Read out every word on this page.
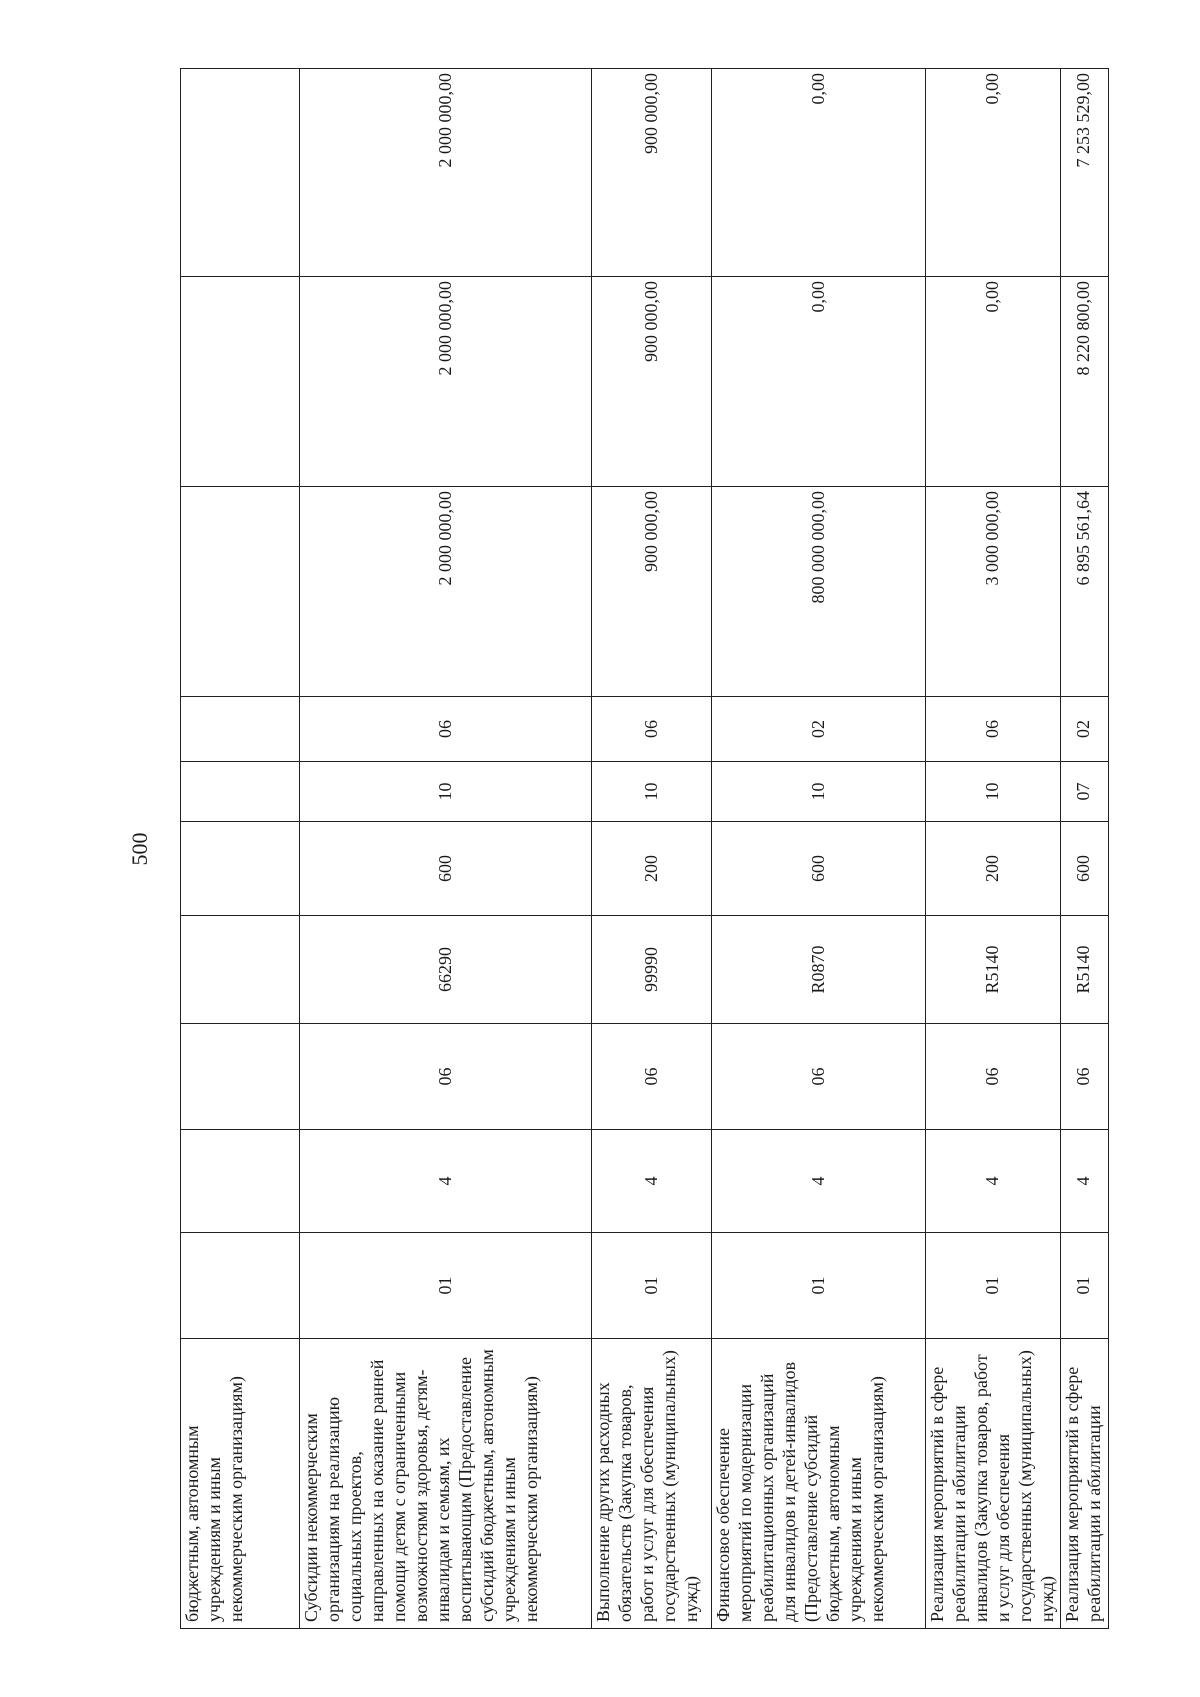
500
бюджетным, автономным учреждениям и иным некоммерческим организациям)										
Субсидии некоммерческим организациям на реализацию социальных проектов, направленных на оказание ранней помощи детям с ограниченными возможностями здоровья, детям-инвалидам и семьям, их воспитывающим (Предоставление субсидий бюджетным, автономным учреждениям и иным некоммерческим организациям)	01	4	06	66290	600	10	06	2 000 000,00	2 000 000,00	2 000 000,00
Выполнение других расходных обязательств (Закупка товаров, работ и услуг для обеспечения государственных (муниципальных) нужд)	01	4	06	99990	200	10	06	900 000,00	900 000,00	900 000,00
Финансовое обеспечение мероприятий по модернизации реабилитационных организаций для инвалидов и детей-инвалидов (Предоставление субсидий бюджетным, автономным учреждениям и иным некоммерческим организациям)	01	4	06	R0870	600	10	02	800 000 000,00	0,00	0,00
Реализация мероприятий в сфере реабилитации и абилитации инвалидов (Закупка товаров, работ и услуг для обеспечения государственных (муниципальных) нужд)	01	4	06	R5140	200	10	06	3 000 000,00	0,00	0,00
Реализация мероприятий в сфере реабилитации и абилитации	01	4	06	R5140	600	07	02	6 895 561,64	8 220 800,00	7 253 529,00
